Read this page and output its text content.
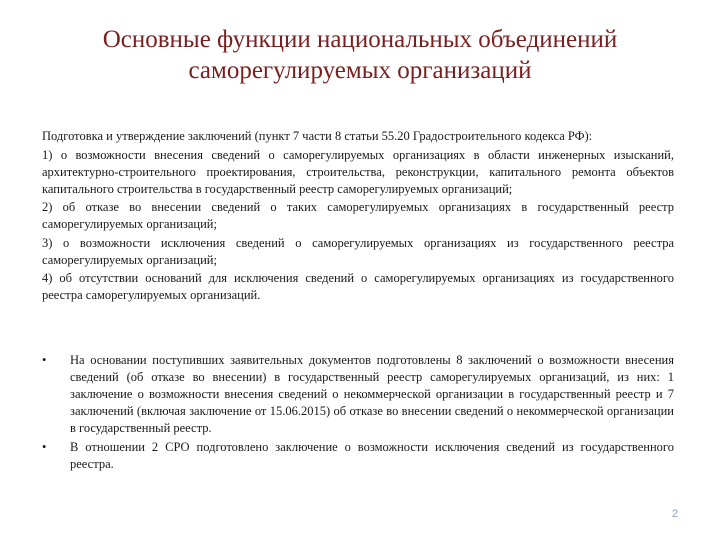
Основные функции национальных объединений
саморегулируемых организаций

Подготовка и утверждение заключений (пункт 7 части 8 статьи 55.20 Градостроительного кодекса РФ):

1) о возможности внесения сведений о саморегулируемых организациях в области инженерных изысканий, архитектурно-строительного проектирования, строительства, реконструкции, капитального ремонта объектов капитального строительства в государственный реестр саморегулируемых организаций;

2) об отказе во внесении сведений о таких саморегулируемых организациях в государственный реестр саморегулируемых организаций;

3) о возможности исключения сведений о саморегулируемых организациях из государственного реестра саморегулируемых организаций;

4) об отсутствии оснований для исключения сведений о саморегулируемых организациях из государственного реестра саморегулируемых организаций.

•	На основании поступивших заявительных документов подготовлены 8 заключений о возможности внесения сведений (об отказе во внесении) в государственный реестр саморегулируемых организаций, из них: 1 заключение о возможности внесения сведений о некоммерческой организации в государственный реестр и 7 заключений (включая заключение от 15.06.2015) об отказе во внесении сведений о некоммерческой организации в государственный реестр.
•	В отношении 2 СРО подготовлено заключение о возможности исключения сведений из государственного реестра.
2
